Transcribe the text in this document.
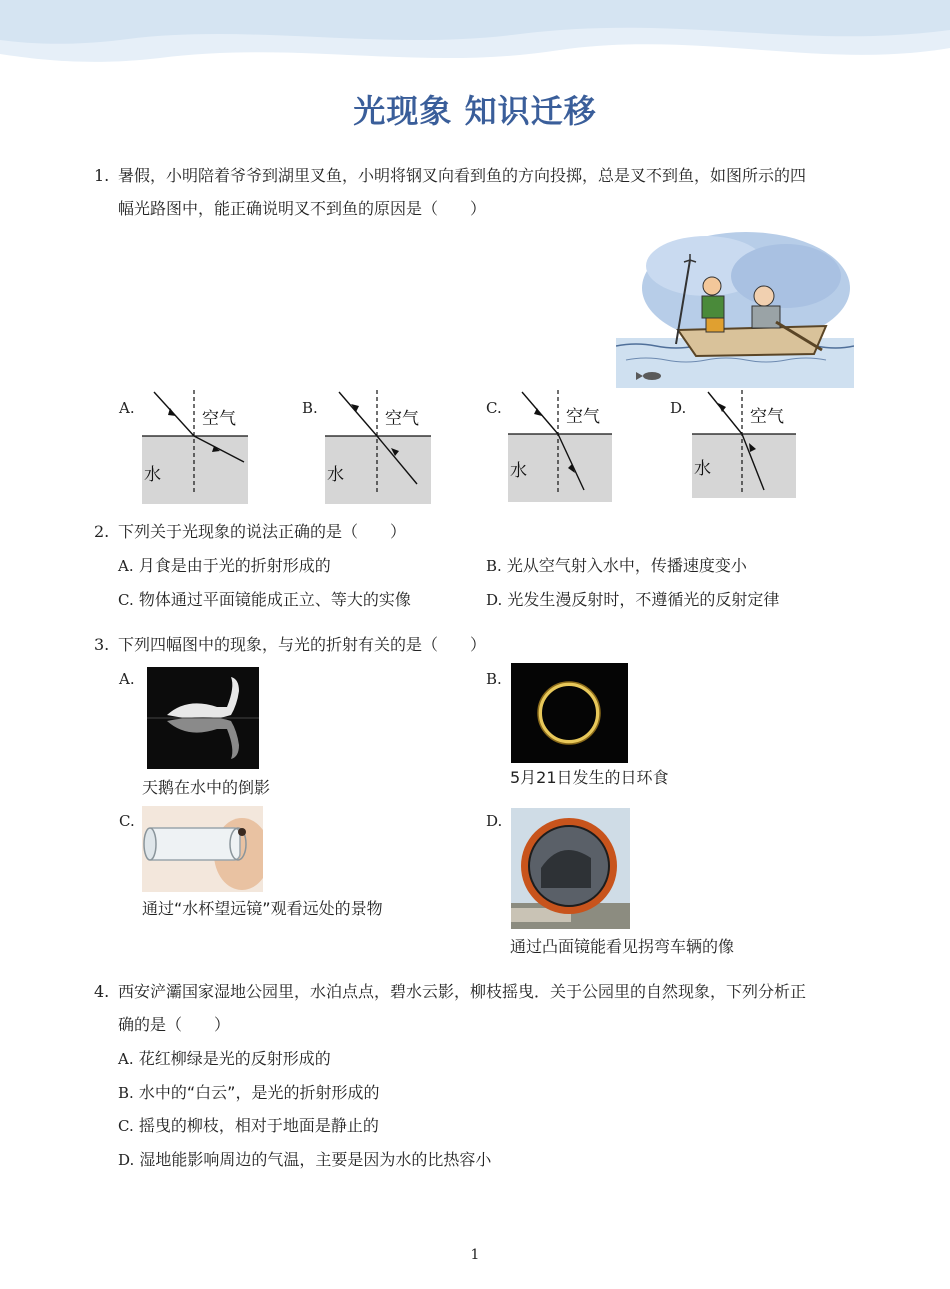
光现象 知识迁移
1. 暑假，小明陪着爷爷到湖里叉鱼，小明将钢叉向看到鱼的方向投掷，总是叉不到鱼，如图所示的四
幅光路图中，能正确说明叉不到鱼的原因是（　　）
A.
空气
水
B.
空气
水
C.	空气
水
D.	空气
水
2. 下列关于光现象的说法正确的是（　　）
A. 月食是由于光的折射形成的	B. 光从空气射入水中，传播速度变小
C. 物体通过平面镜能成正立、等大的实像	D. 光发生漫反射时，不遵循光的反射定律
3. 下列四幅图中的现象，与光的折射有关的是（　　）
A.
天鹅在水中的倒影
B.
5月21日发生的日环食
C.
通过“水杯望远镜”观看远处的景物
D.
通过凸面镜能看见拐弯车辆的像
4. 西安浐灞国家湿地公园里，水泊点点，碧水云影，柳枝摇曳．关于公园里的自然现象，下列分析正
确的是（　　）
A. 花红柳绿是光的反射形成的
B. 水中的“白云”，是光的折射形成的
C. 摇曳的柳枝，相对于地面是静止的
D. 湿地能影响周边的气温，主要是因为水的比热容小
1
